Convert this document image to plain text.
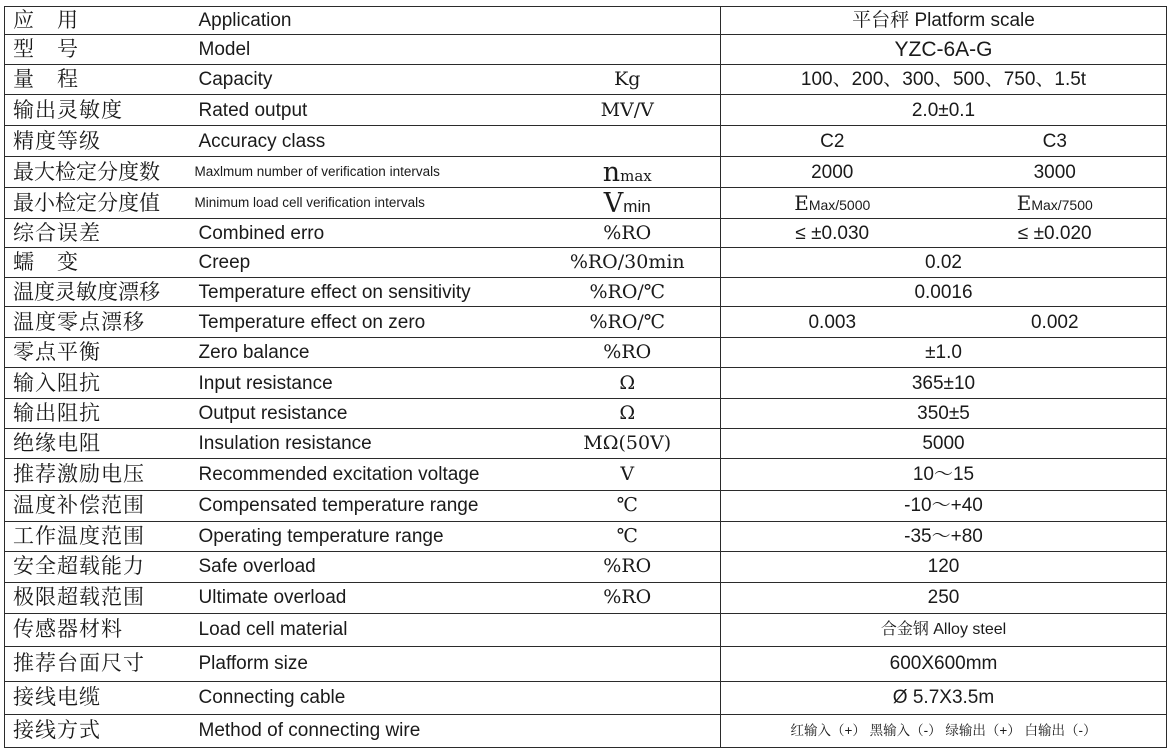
应　用	Application		平台秤 Platform scale
型　号	Model		YZC-6A-G
量　程	Capacity	Kg	100、200、300、500、750、1.5t
输出灵敏度	Rated output	MV/V	2.0±0.1
精度等级	Accuracy class		C2 C3
最大检定分度数	Maxlmum number of verification intervals	nmax	2000 3000
最小检定分度值	Minimum load cell verification intervals	Vmin	EMax/5000 EMax/7500
综合误差	Combined erro	%RO	≤ ±0.030 ≤ ±0.020
蠕　变	Creep	%RO/30min	0.02
温度灵敏度漂移	Temperature effect on sensitivity	%RO/℃	0.0016
温度零点漂移	Temperature effect on zero	%RO/℃	0.003 0.002
零点平衡	Zero balance	%RO	±1.0
输入阻抗	Input resistance	Ω	365±10
输出阻抗	Output resistance	Ω	350±5
绝缘电阻	Insulation resistance	MΩ(50V)	5000
推荐激励电压	Recommended excitation voltage	V	10～15
温度补偿范围	Compensated temperature range	℃	-10～+40
工作温度范围	Operating temperature range	℃	-35～+80
安全超载能力	Safe overload	%RO	120
极限超载范围	Ultimate overload	%RO	250
传感器材料	Load cell material		合金钢 Alloy steel
推荐台面尺寸	Plafform size		600X600mm
接线电缆	Connecting cable		Ø 5.7X3.5m
接线方式	Method of connecting wire		红输入（+） 黑输入（-） 绿输出（+） 白输出（-）
